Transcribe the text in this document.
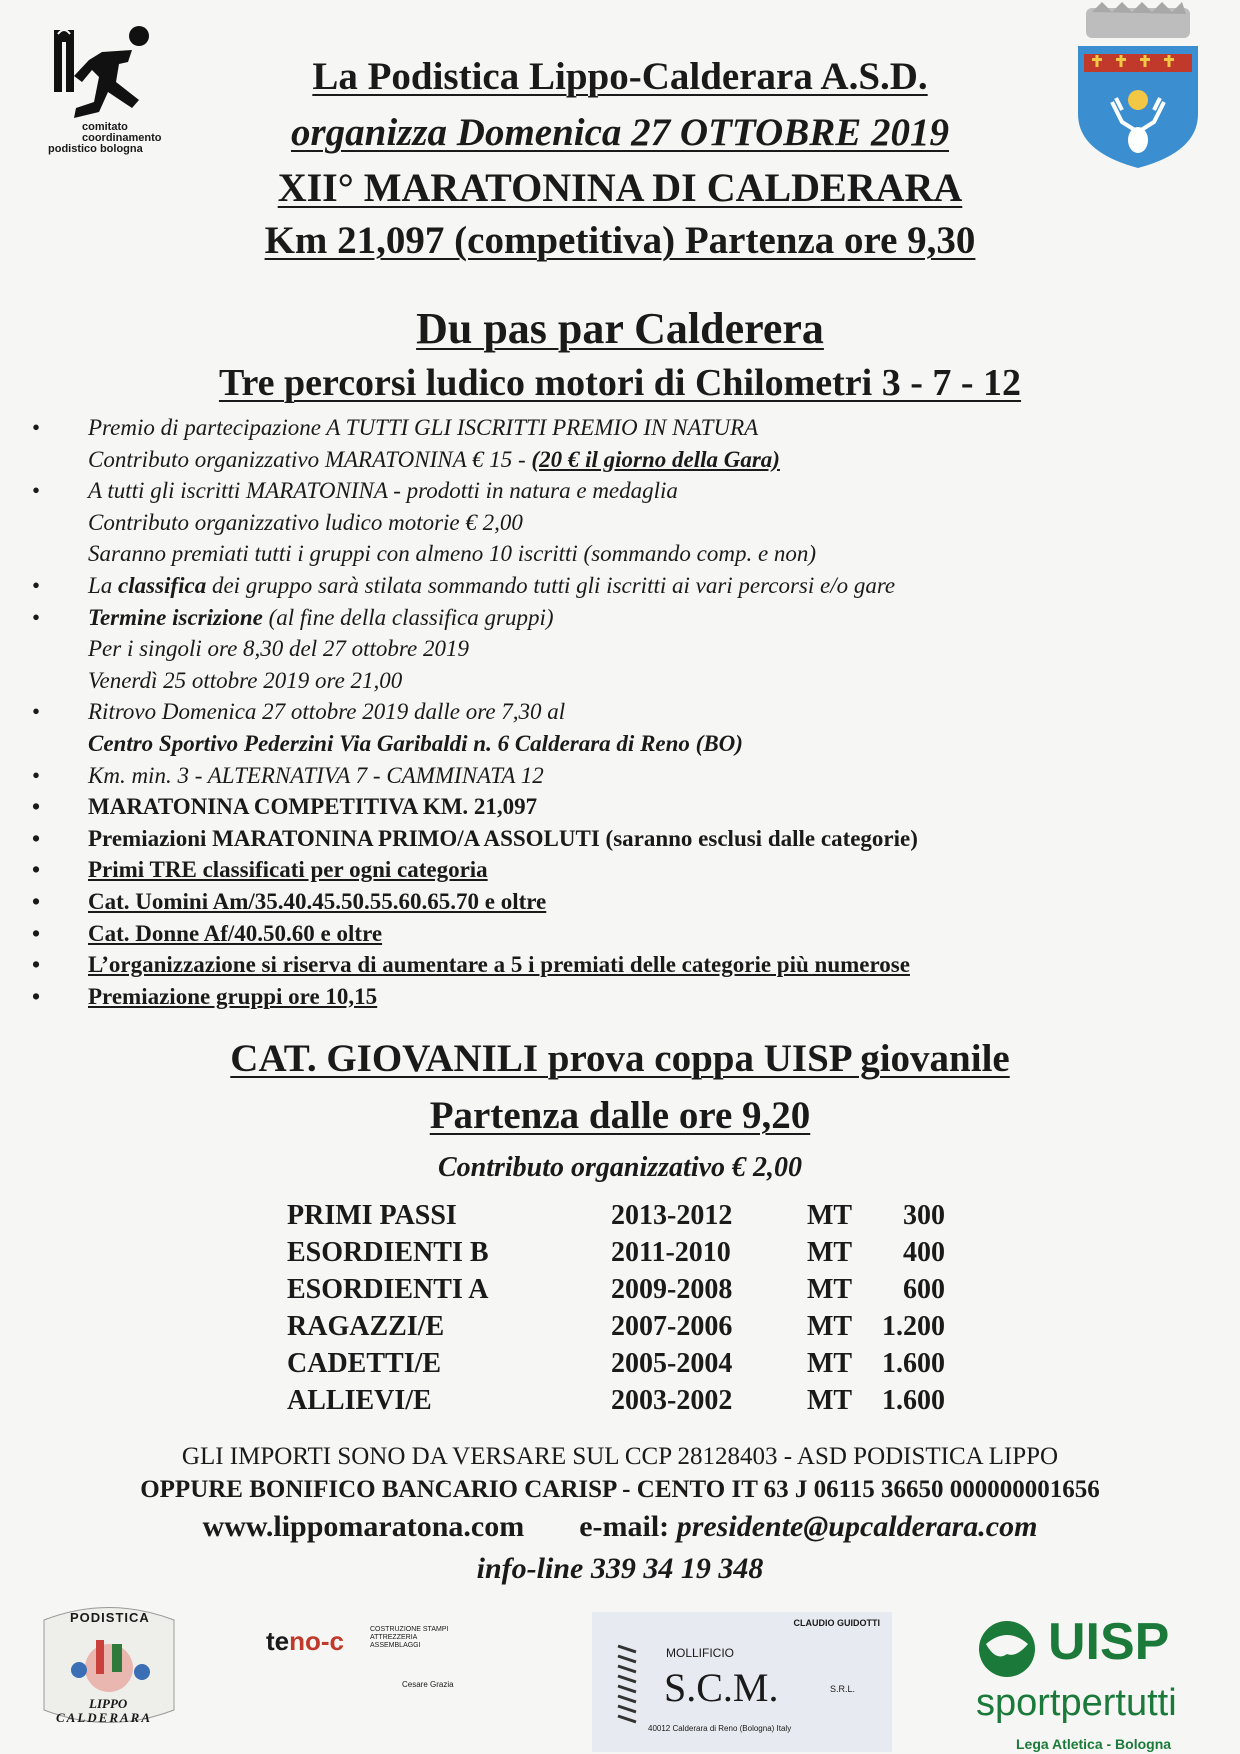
comitato
coordinamento
podistico bologna
La Podistica Lippo-Calderara A.S.D.
organizza Domenica 27 OTTOBRE 2019
XII° MARATONINA DI CALDERARA
Km 21,097 (competitiva) Partenza ore 9,30
Du pas par Calderera
Tre percorsi ludico motori di Chilometri 3 - 7 - 12
• Premio di partecipazione A TUTTI GLI ISCRITTI PREMIO IN NATURA
Contributo organizzativo MARATONINA € 15 - (20 € il giorno della Gara)
• A tutti gli iscritti MARATONINA - prodotti in natura e medaglia
Contributo organizzativo ludico motorie € 2,00
Saranno premiati tutti i gruppi con almeno 10 iscritti (sommando comp. e non)
• La classifica dei gruppo sarà stilata sommando tutti gli iscritti ai vari percorsi e/o gare
• Termine iscrizione (al fine della classifica gruppi)
Per i singoli ore 8,30 del 27 ottobre 2019
Venerdì 25 ottobre 2019 ore 21,00
• Ritrovo Domenica 27 ottobre 2019 dalle ore 7,30 al
Centro Sportivo Pederzini Via Garibaldi n. 6 Calderara di Reno (BO)
• Km. min. 3 - ALTERNATIVA 7 - CAMMINATA 12
• MARATONINA COMPETITIVA KM. 21,097
• Premiazioni MARATONINA PRIMO/A ASSOLUTI (saranno esclusi dalle categorie)
• Primi TRE classificati per ogni categoria
• Cat. Uomini Am/35.40.45.50.55.60.65.70 e oltre
• Cat. Donne Af/40.50.60 e oltre
• L’organizzazione si riserva di aumentare a 5 i premiati delle categorie più numerose
• Premiazione gruppi ore 10,15
CAT. GIOVANILI prova coppa UISP giovanile
Partenza dalle ore 9,20
Contributo organizzativo € 2,00
PRIMI PASSI	2013-2012	MT 300
ESORDIENTI B	2011-2010	MT 400
ESORDIENTI A	2009-2008	MT 600
RAGAZZI/E	2007-2006	MT 1.200
CADETTI/E	2005-2004	MT 1.600
ALLIEVI/E	2003-2002	MT 1.600
GLI IMPORTI SONO DA VERSARE SUL CCP 28128403 - ASD PODISTICA LIPPO
OPPURE BONIFICO BANCARIO CARISP - CENTO IT 63 J 06115 36650 000000001656
www.lippomaratona.com e-mail: presidente@upcalderara.com
info-line 339 34 19 348
PODISTICA
LIPPO
CALDERARA
teno-c	COSTRUZIONE STAMPI
ATTREZZERIA
ASSEMBLAGGI
Cesare Grazia
CLAUDIO GUIDOTTI
MOLLIFICIO
S.C.M.	S.R.L.
40012 Calderara di Reno (Bologna) Italy
UISP
sportpertutti
Lega Atletica - Bologna
